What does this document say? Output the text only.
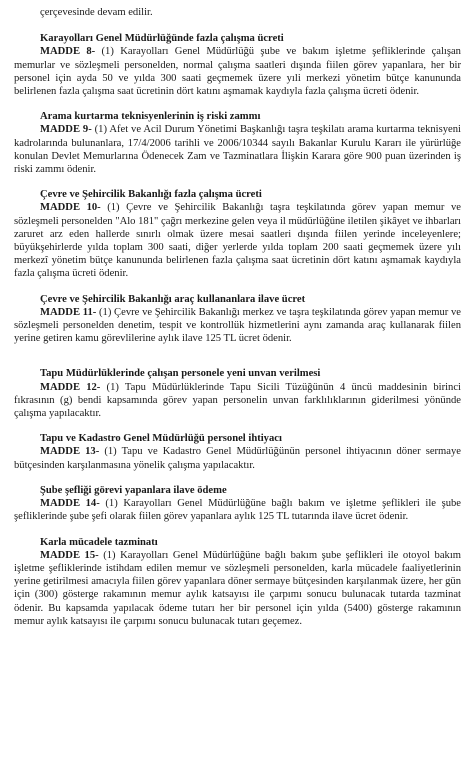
çerçevesinde devam edilir.

Karayolları Genel Müdürlüğünde fazla çalışma ücreti

MADDE 8- (1) Karayolları Genel Müdürlüğü şube ve bakım işletme şefliklerinde çalışan memurlar ve sözleşmeli personelden, normal çalışma saatleri dışında fiilen görev yapanlara, her bir personel için ayda 50 ve yılda 300 saati geçmemek üzere yıli merkezi yönetim bütçe kanununda belirlenen fazla çalışma saat ücretinin dört katını aşmamak kaydıyla fazla çalışma ücreti ödenir.

Arama kurtarma teknisyenlerinin iş riski zammı

MADDE 9- (1) Afet ve Acil Durum Yönetimi Başkanlığı taşra teşkilatı arama kurtarma teknisyeni kadrolarında bulunanlara, 17/4/2006 tarihli ve 2006/10344 sayılı Bakanlar Kurulu Kararı ile yürürlüğe konulan Devlet Memurlarına Ödenecek Zam ve Tazminatlara İlişkin Karara göre 900 puan üzerinden iş riski zammı ödenir.

Çevre ve Şehircilik Bakanlığı fazla çalışma ücreti

MADDE 10- (1) Çevre ve Şehircilik Bakanlığı taşra teşkilatında görev yapan memur ve sözleşmeli personelden "Alo 181" çağrı merkezine gelen veya il müdürlüğüne iletilen şikâyet ve ihbarları zaruret arz eden hallerde sınırlı olmak üzere mesai saatleri dışında fiilen yerinde inceleyenlere; büyükşehirlerde yılda toplam 300 saati, diğer yerlerde yılda toplam 200 saati geçmemek üzere yılı merkezî yönetim bütçe kanununda belirlenen fazla çalışma saat ücretinin dört katını aşmamak kaydıyla fazla çalışma ücreti ödenir.

Çevre ve Şehircilik Bakanlığı araç kullananlara ilave ücret

MADDE 11- (1) Çevre ve Şehircilik Bakanlığı merkez ve taşra teşkilatında görev yapan memur ve sözleşmeli personelden denetim, tespit ve kontrollük hizmetlerini aynı zamanda araç kullanarak fiilen yerine getiren kamu görevlilerine aylık ilave 125 TL ücret ödenir.

Tapu Müdürlüklerinde çalışan personele yeni unvan verilmesi

MADDE 12- (1) Tapu Müdürlüklerinde Tapu Sicili Tüzüğünün 4 üncü maddesinin birinci fıkrasının (g) bendi kapsamında görev yapan personelin unvan farklılıklarının giderilmesi yönünde çalışma yapılacaktır.

Tapu ve Kadastro Genel Müdürlüğü personel ihtiyacı

MADDE 13- (1) Tapu ve Kadastro Genel Müdürlüğünün personel ihtiyacının döner sermaye bütçesinden karşılanmasına yönelik çalışma yapılacaktır.

Şube şefliği görevi yapanlara ilave ödeme

MADDE 14- (1) Karayolları Genel Müdürlüğüne bağlı bakım ve işletme şeflikleri ile şube şefliklerinde şube şefi olarak fiilen görev yapanlara aylık 125 TL tutarında ilave ücret ödenir.

Karla mücadele tazminatı

MADDE 15- (1) Karayolları Genel Müdürlüğüne bağlı bakım şube şeflikleri ile otoyol bakım işletme şefliklerinde istihdam edilen memur ve sözleşmeli personelden, karla mücadele faaliyetlerinin yerine getirilmesi amacıyla fiilen görev yapanlara döner sermaye bütçesinden karşılanmak üzere, her gün için (300) gösterge rakamının memur aylık katsayısı ile çarpımı sonucu bulunacak tutarda tazminat ödenir. Bu kapsamda yapılacak ödeme tutarı her bir personel için yılda (5400) gösterge rakamının memur aylık katsayısı ile çarpımı sonucu bulunacak tutarı geçemez.
